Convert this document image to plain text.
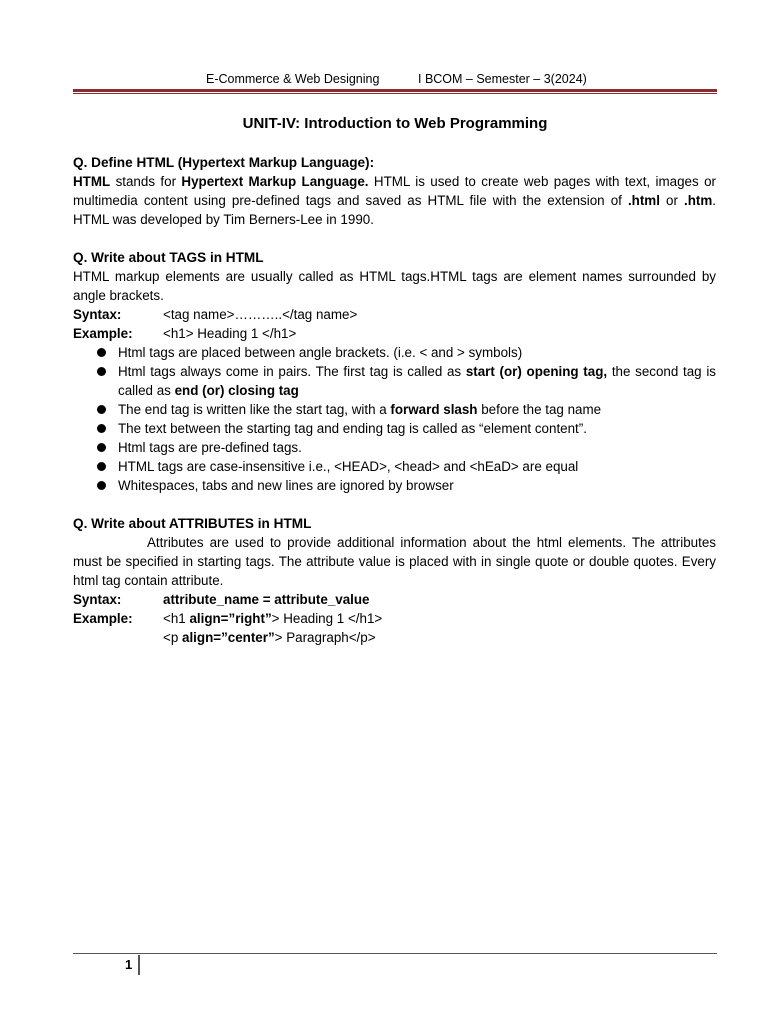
E-Commerce & Web Designing	I BCOM – Semester – 3(2024)
UNIT-IV: Introduction to Web Programming
Q. Define HTML (Hypertext Markup Language):
HTML stands for Hypertext Markup Language. HTML is used to create web pages with text, images or multimedia content using pre-defined tags and saved as HTML file with the extension of .html or .htm. HTML was developed by Tim Berners-Lee in 1990.
Q. Write about TAGS in HTML
HTML markup elements are usually called as HTML tags.HTML tags are element names surrounded by angle brackets.
Syntax:	<tag name>………..</tag name>
Example: <h1> Heading 1 </h1>
Html tags are placed between angle brackets. (i.e. < and > symbols)
Html tags always come in pairs. The first tag is called as start (or) opening tag, the second tag is called as end (or) closing tag
The end tag is written like the start tag, with a forward slash before the tag name
The text between the starting tag and ending tag is called as “element content”.
Html tags are pre-defined tags.
HTML tags are case-insensitive i.e., <HEAD>, <head> and <hEaD> are equal
Whitespaces, tabs and new lines are ignored by browser
Q. Write about ATTRIBUTES in HTML
Attributes are used to provide additional information about the html elements. The attributes must be specified in starting tags. The attribute value is placed with in single quote or double quotes. Every html tag contain attribute.
Syntax:	attribute_name = attribute_value
Example: <h1 align=”right”> Heading 1 </h1>
<p align=”center”> Paragraph</p>
1
